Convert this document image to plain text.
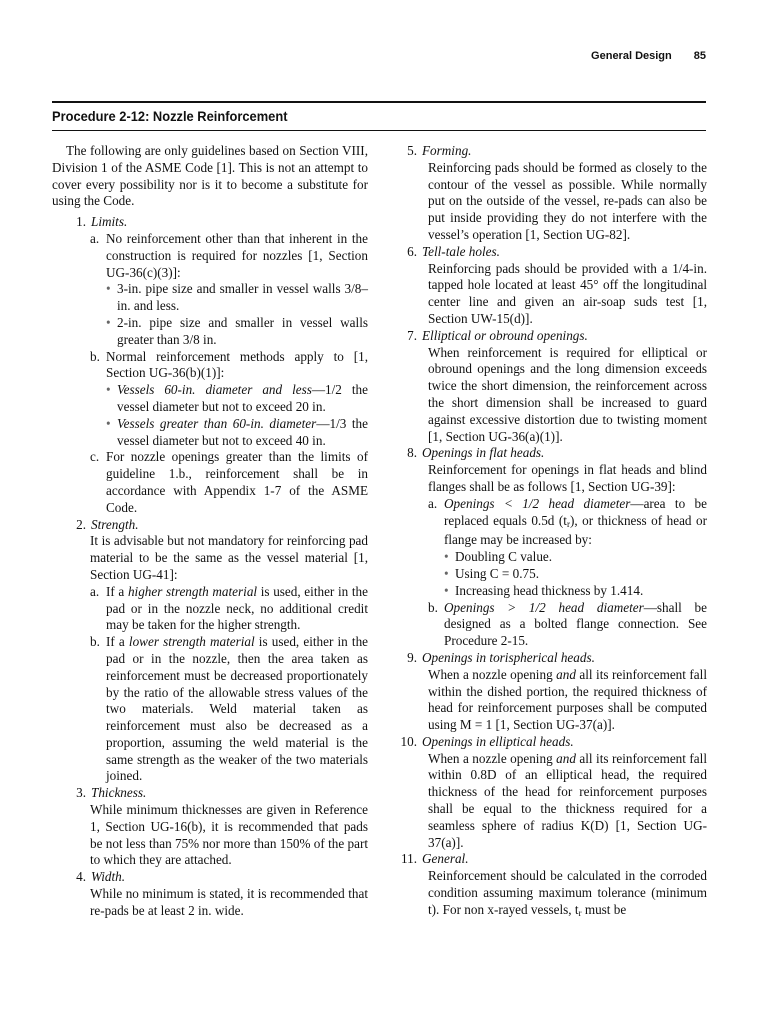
General Design 85
Procedure 2-12: Nozzle Reinforcement

The following are only guidelines based on Section VIII, Division 1 of the ASME Code [1]. This is not an attempt to cover every possibility nor is it to become a substitute for using the Code.

1. Limits.
a. No reinforcement other than that inherent in the construction is required for nozzles [1, Section UG-36(c)(3)]:
• 3-in. pipe size and smaller in vessel walls 3/8–in. and less.
• 2-in. pipe size and smaller in vessel walls greater than 3/8 in.
b. Normal reinforcement methods apply to [1, Section UG-36(b)(1)]:
• Vessels 60-in. diameter and less—1/2 the vessel diameter but not to exceed 20 in.
• Vessels greater than 60-in. diameter—1/3 the vessel diameter but not to exceed 40 in.
c. For nozzle openings greater than the limits of guideline 1.b., reinforcement shall be in accordance with Appendix 1-7 of the ASME Code.
2. Strength.

It is advisable but not mandatory for reinforcing pad material to be the same as the vessel material [1, Section UG-41]:

a. If a higher strength material is used, either in the pad or in the nozzle neck, no additional credit may be taken for the higher strength.
b. If a lower strength material is used, either in the pad or in the nozzle, then the area taken as reinforcement must be decreased proportionately by the ratio of the allowable stress values of the two materials. Weld material taken as reinforcement must also be decreased as a proportion, assuming the weld material is the same strength as the weaker of the two materials joined.
3. Thickness.

While minimum thicknesses are given in Reference 1, Section UG-16(b), it is recommended that pads be not less than 75% nor more than 150% of the part to which they are attached.

4. Width.

While no minimum is stated, it is recommended that re-pads be at least 2 in. wide.

5. Forming.

Reinforcing pads should be formed as closely to the contour of the vessel as possible. While normally put on the outside of the vessel, re-pads can also be put inside providing they do not interfere with the vessel’s operation [1, Section UG-82].

6. Tell-tale holes.

Reinforcing pads should be provided with a 1/4-in. tapped hole located at least 45° off the longitudinal center line and given an air-soap suds test [1, Section UW-15(d)].

7. Elliptical or obround openings.

When reinforcement is required for elliptical or obround openings and the long dimension exceeds twice the short dimension, the reinforcement across the short dimension shall be increased to guard against excessive distortion due to twisting moment [1, Section UG-36(a)(1)].

8. Openings in flat heads.

Reinforcement for openings in flat heads and blind flanges shall be as follows [1, Section UG-39]:

a. Openings < 1/2 head diameter—area to be replaced equals 0.5d (tr), or thickness of head or flange may be increased by:
• Doubling C value.
• Using C = 0.75.
• Increasing head thickness by 1.414.
b. Openings > 1/2 head diameter—shall be designed as a bolted flange connection. See Procedure 2-15.
9. Openings in torispherical heads.

When a nozzle opening and all its reinforcement fall within the dished portion, the required thickness of head for reinforcement purposes shall be computed using M = 1 [1, Section UG-37(a)].

10. Openings in elliptical heads.

When a nozzle opening and all its reinforcement fall within 0.8D of an elliptical head, the required thickness of the head for reinforcement purposes shall be equal to the thickness required for a seamless sphere of radius K(D) [1, Section UG-37(a)].

11. General.

Reinforcement should be calculated in the corroded condition assuming maximum tolerance (minimum t). For non x-rayed vessels, tr must be
